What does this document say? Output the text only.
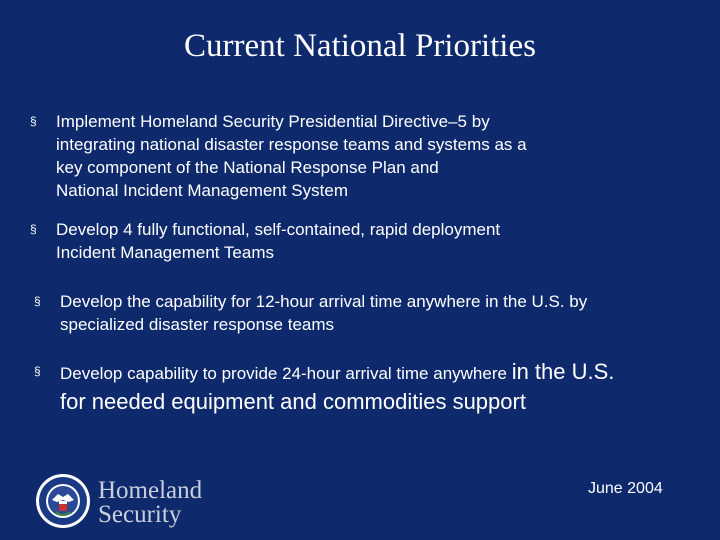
Current National Priorities
§ Implement Homeland Security Presidential Directive–5 by
integrating national disaster response teams and systems as a
key component of the National Response Plan and
National Incident Management System
§ Develop 4 fully functional, self-contained, rapid deployment
Incident Management Teams
§ Develop the capability for 12-hour arrival time anywhere in the U.S. by
specialized disaster response teams
§ Develop capability to provide 24-hour arrival time anywhere in the U.S.
for needed equipment and commodities support
Homeland
Security
June 2004
